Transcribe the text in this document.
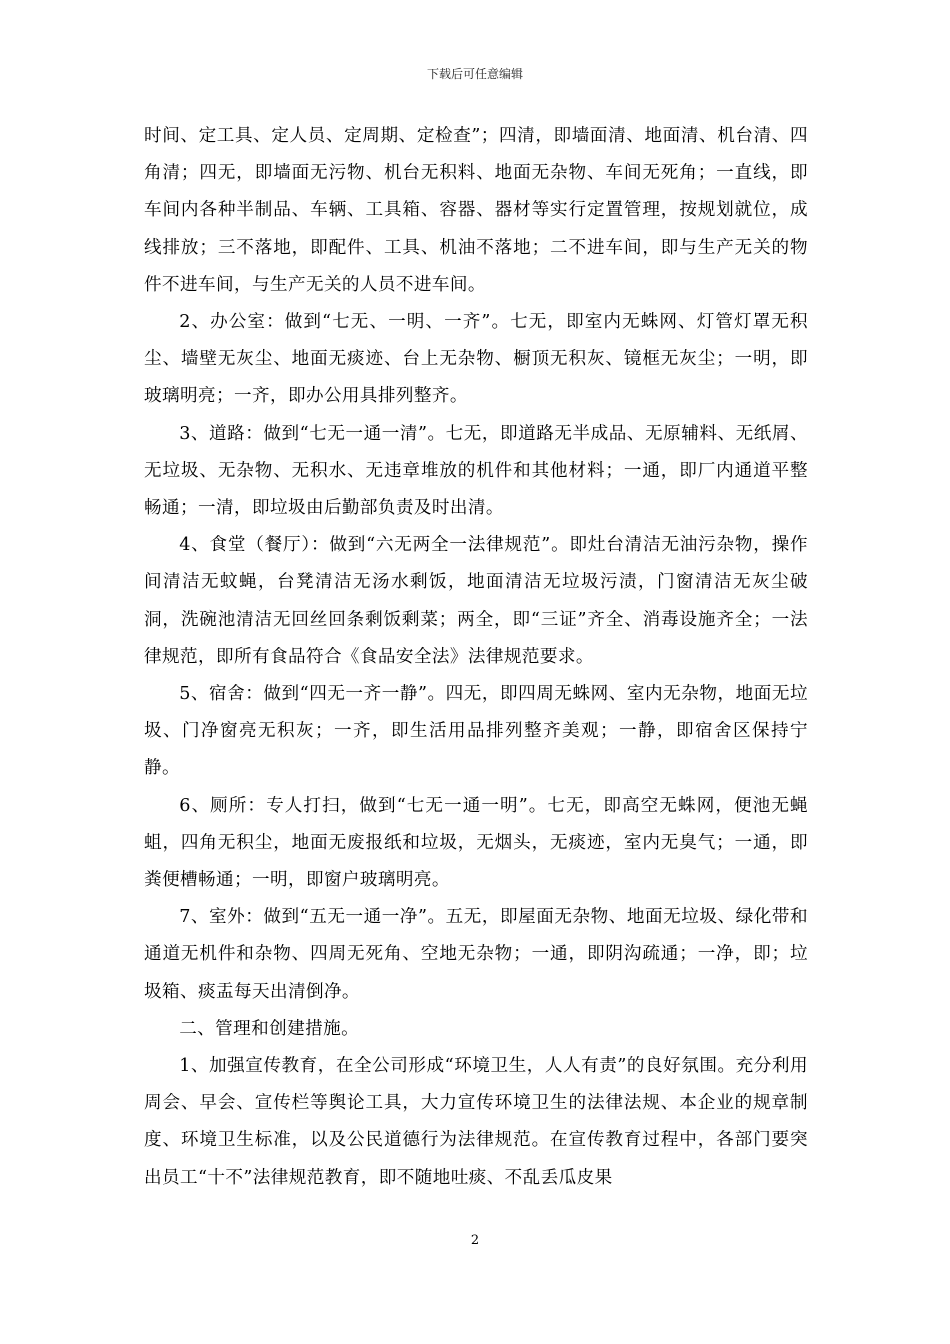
下载后可任意编辑

时间、定工具、定人员、定周期、定检查”；四清，即墙面清、地面清、机台清、四角清；四无，即墙面无污物、机台无积料、地面无杂物、车间无死角；一直线，即车间内各种半制品、车辆、工具箱、容器、器材等实行定置管理，按规划就位，成线排放；三不落地，即配件、工具、机油不落地；二不进车间，即与生产无关的物件不进车间，与生产无关的人员不进车间。

2、办公室：做到“七无、一明、一齐”。七无，即室内无蛛网、灯管灯罩无积尘、墙壁无灰尘、地面无痰迹、台上无杂物、橱顶无积灰、镜框无灰尘；一明，即玻璃明亮；一齐，即办公用具排列整齐。

3、道路：做到“七无一通一清”。七无，即道路无半成品、无原辅料、无纸屑、无垃圾、无杂物、无积水、无违章堆放的机件和其他材料；一通，即厂内通道平整畅通；一清，即垃圾由后勤部负责及时出清。

4、食堂（餐厅）：做到“六无两全一法律规范”。即灶台清洁无油污杂物，操作间清洁无蚊蝇，台凳清洁无汤水剩饭，地面清洁无垃圾污渍，门窗清洁无灰尘破洞，洗碗池清洁无回丝回条剩饭剩菜；两全，即“三证”齐全、消毒设施齐全；一法律规范，即所有食品符合《食品安全法》法律规范要求。

5、宿舍：做到“四无一齐一静”。四无，即四周无蛛网、室内无杂物，地面无垃圾、门净窗亮无积灰；一齐，即生活用品排列整齐美观；一静，即宿舍区保持宁静。

6、厕所：专人打扫，做到“七无一通一明”。七无，即高空无蛛网，便池无蝇蛆，四角无积尘，地面无废报纸和垃圾，无烟头，无痰迹，室内无臭气；一通，即粪便槽畅通；一明，即窗户玻璃明亮。

7、室外：做到“五无一通一净”。五无，即屋面无杂物、地面无垃圾、绿化带和通道无机件和杂物、四周无死角、空地无杂物；一通，即阴沟疏通；一净，即；垃圾箱、痰盂每天出清倒净。

二、管理和创建措施。

1、加强宣传教育，在全公司形成“环境卫生，人人有责”的良好氛围。充分利用周会、早会、宣传栏等舆论工具，大力宣传环境卫生的法律法规、本企业的规章制度、环境卫生标准，以及公民道德行为法律规范。在宣传教育过程中，各部门要突出员工“十不”法律规范教育，即不随地吐痰、不乱丢瓜皮果

2
